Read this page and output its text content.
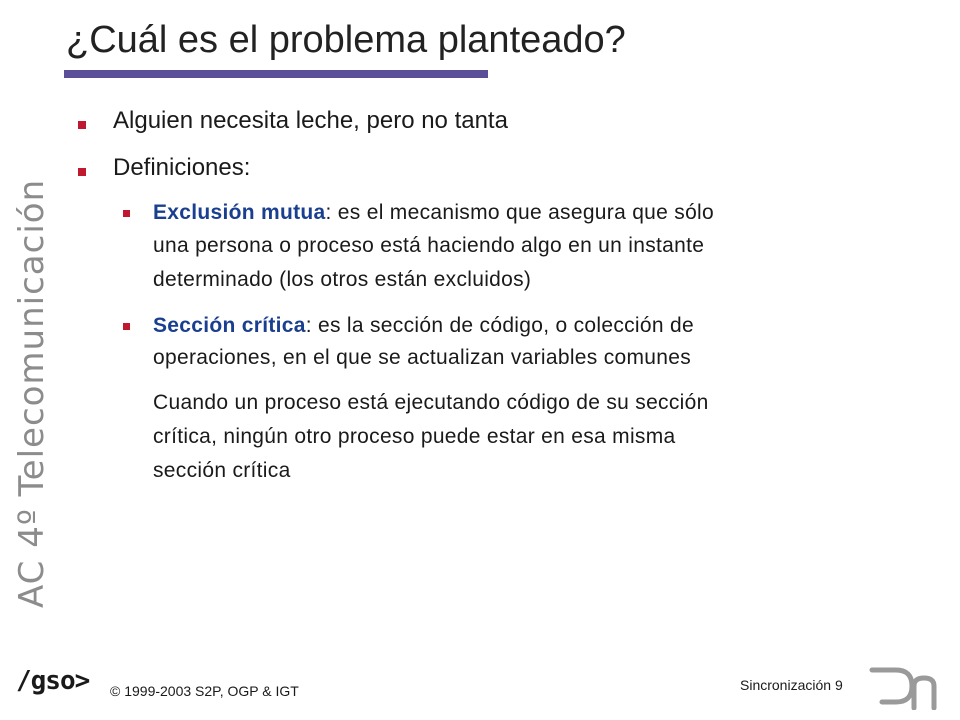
¿Cuál es el problema planteado?
AC 4º Telecomunicación
Alguien necesita leche, pero no tanta
Definiciones:
Exclusión mutua: es el mecanismo que asegura que sólo
una persona o proceso está haciendo algo en un instante
determinado (los otros están excluidos)
Sección crítica: es la sección de código, o colección de
operaciones, en el que se actualizan variables comunes
Cuando un proceso está ejecutando código de su sección
crítica, ningún otro proceso puede estar en esa misma
sección crítica
/gso> © 1999-2003 S2P, OGP & IGT	Sincronización 9
